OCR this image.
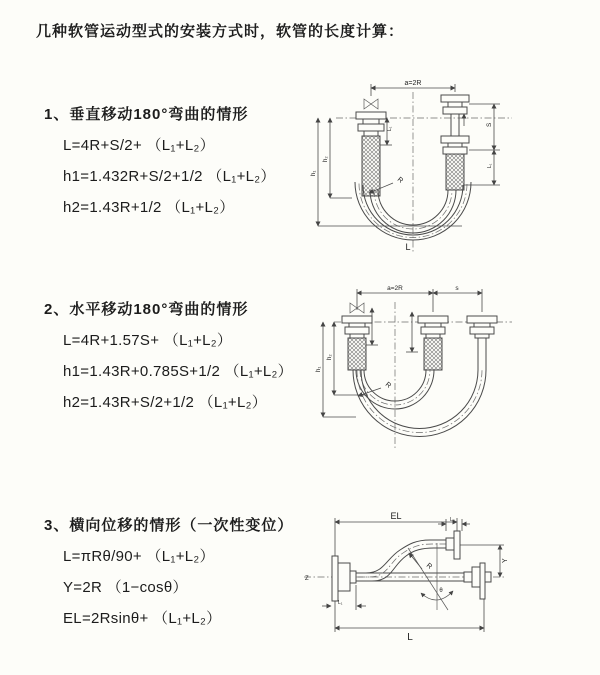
几种软管运动型式的安装方式时，软管的长度计算：
1、垂直移动180°弯曲的情形
L=4R+S/2+ （L₁+L₂）
h1=1.432R+S/2+1/2 （L₁+L₂）
h2=1.43R+1/2 （L₁+L₂）
2、水平移动180°弯曲的情形
L=4R+1.57S+ （L₁+L₂）
h1=1.43R+0.785S+1/2 （L₁+L₂）
h2=1.43R+S/2+1/2 （L₁+L₂）
3、横向位移的情形（一次性变位）
L=πRθ/90+ （L₁+L₂）
Y=2R （1−cosθ）
EL=2Rsinθ+ （L₁+L₂）
a=2R
R
h₁
h₂
L₁
S
L₁
L
a=2R	s
R
h₁
h₂
Z
EL
L
Y
L₂
L₁
R
θ
